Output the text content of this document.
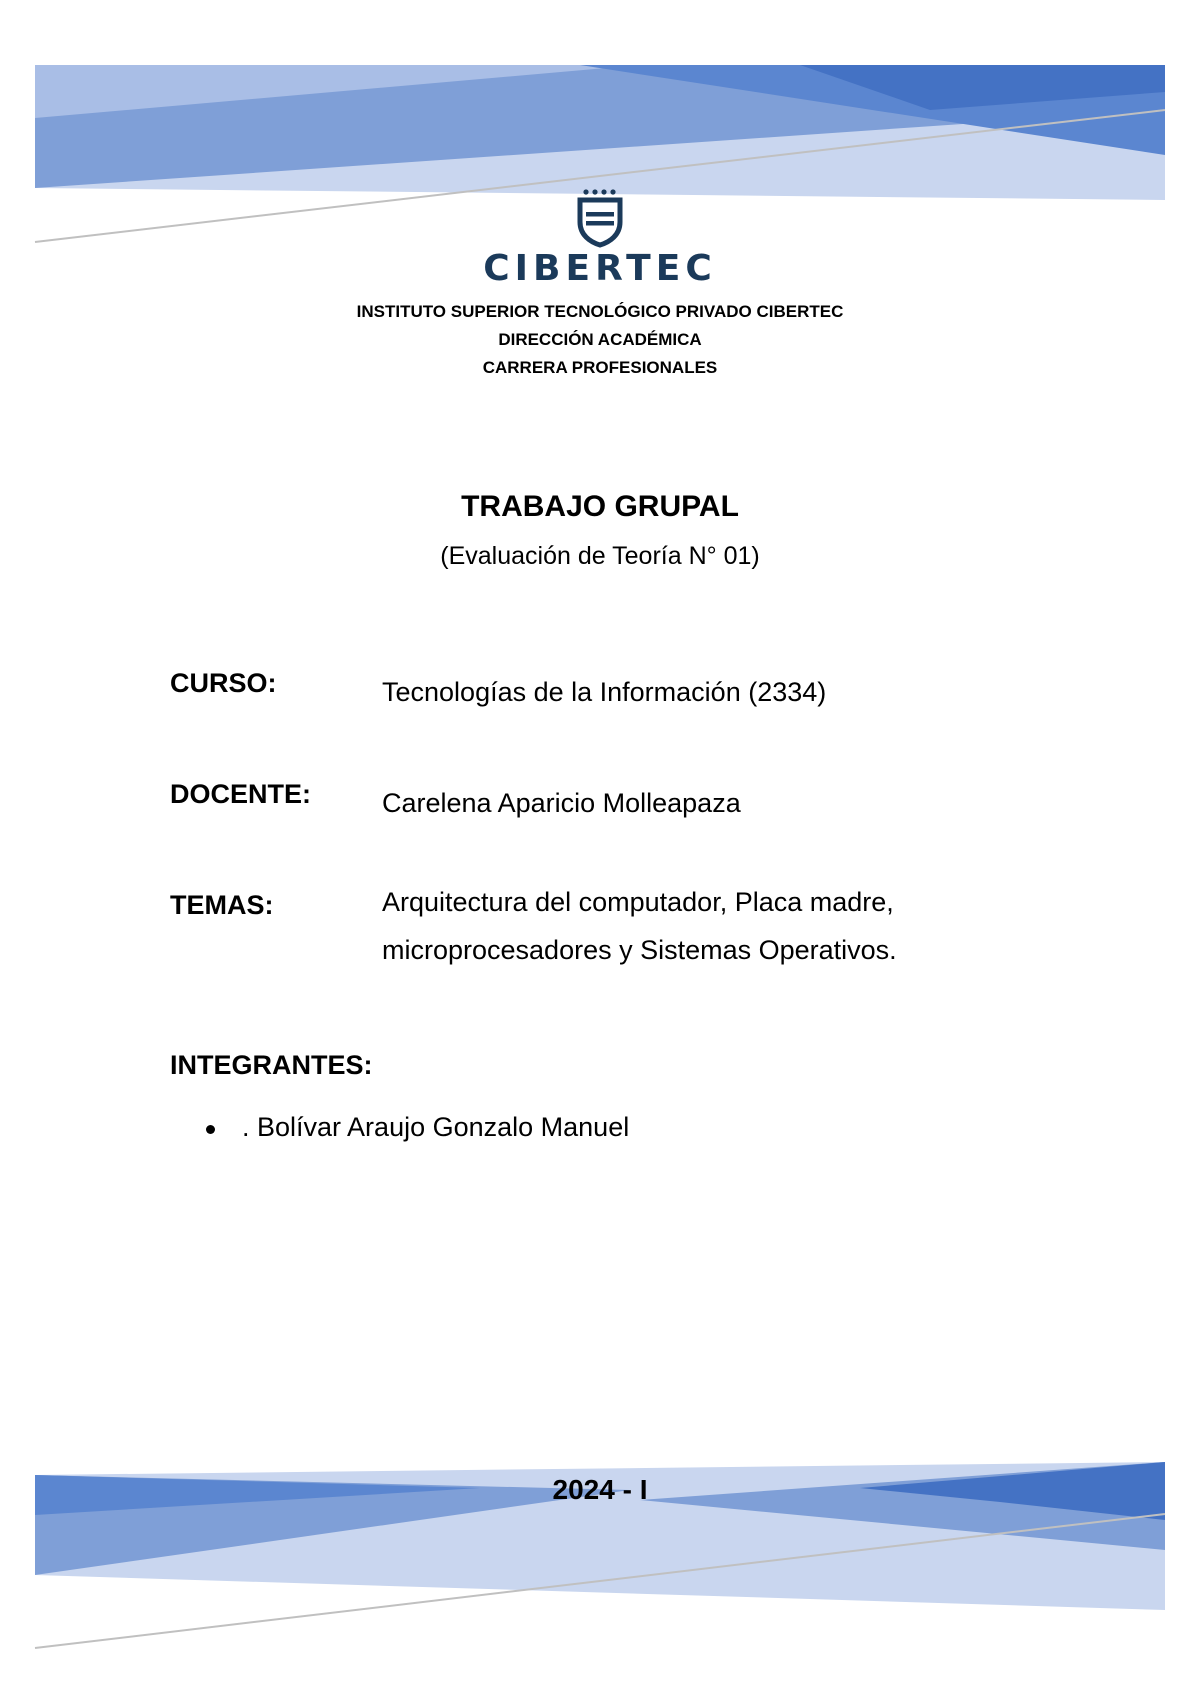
CIBERTEC
INSTITUTO SUPERIOR TECNOLÓGICO PRIVADO CIBERTEC
DIRECCIÓN ACADÉMICA
CARRERA PROFESIONALES
TRABAJO GRUPAL
(Evaluación de Teoría N° 01)
CURSO:	Tecnologías de la Información (2334)
DOCENTE:	Carelena Aparicio Molleapaza
TEMAS:	Arquitectura del computador, Placa madre, microprocesadores y Sistemas Operativos.
INTEGRANTES:
. Bolívar Araujo Gonzalo Manuel
2024 - I
